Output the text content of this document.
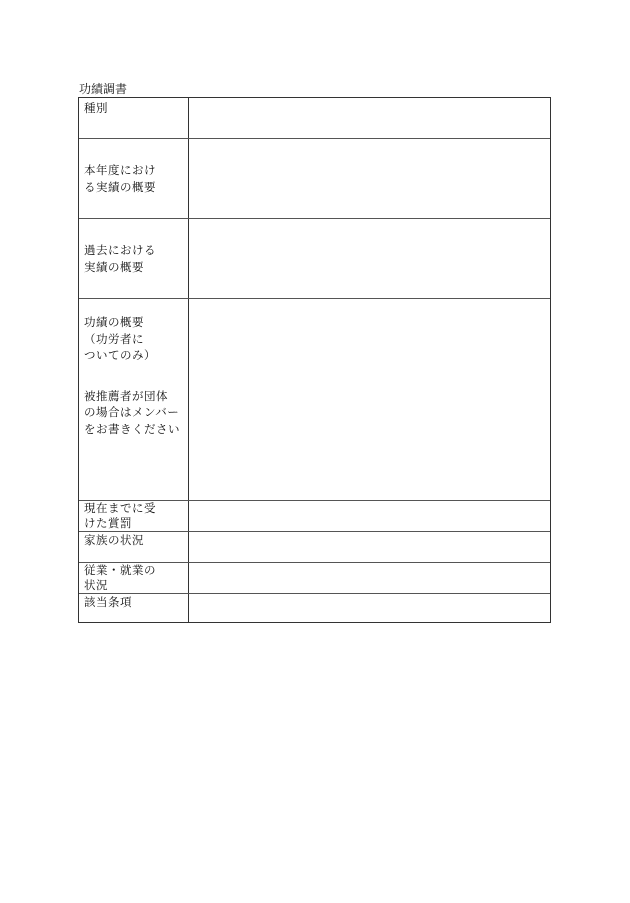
功績調書
種別
本年度におけ
る実績の概要
過去における
実績の概要
功績の概要
（功労者に
ついてのみ）
被推薦者が団体
の場合はメンバー
をお書きください
現在までに受
けた賞罰
家族の状況
従業・就業の
状況
該当条項
